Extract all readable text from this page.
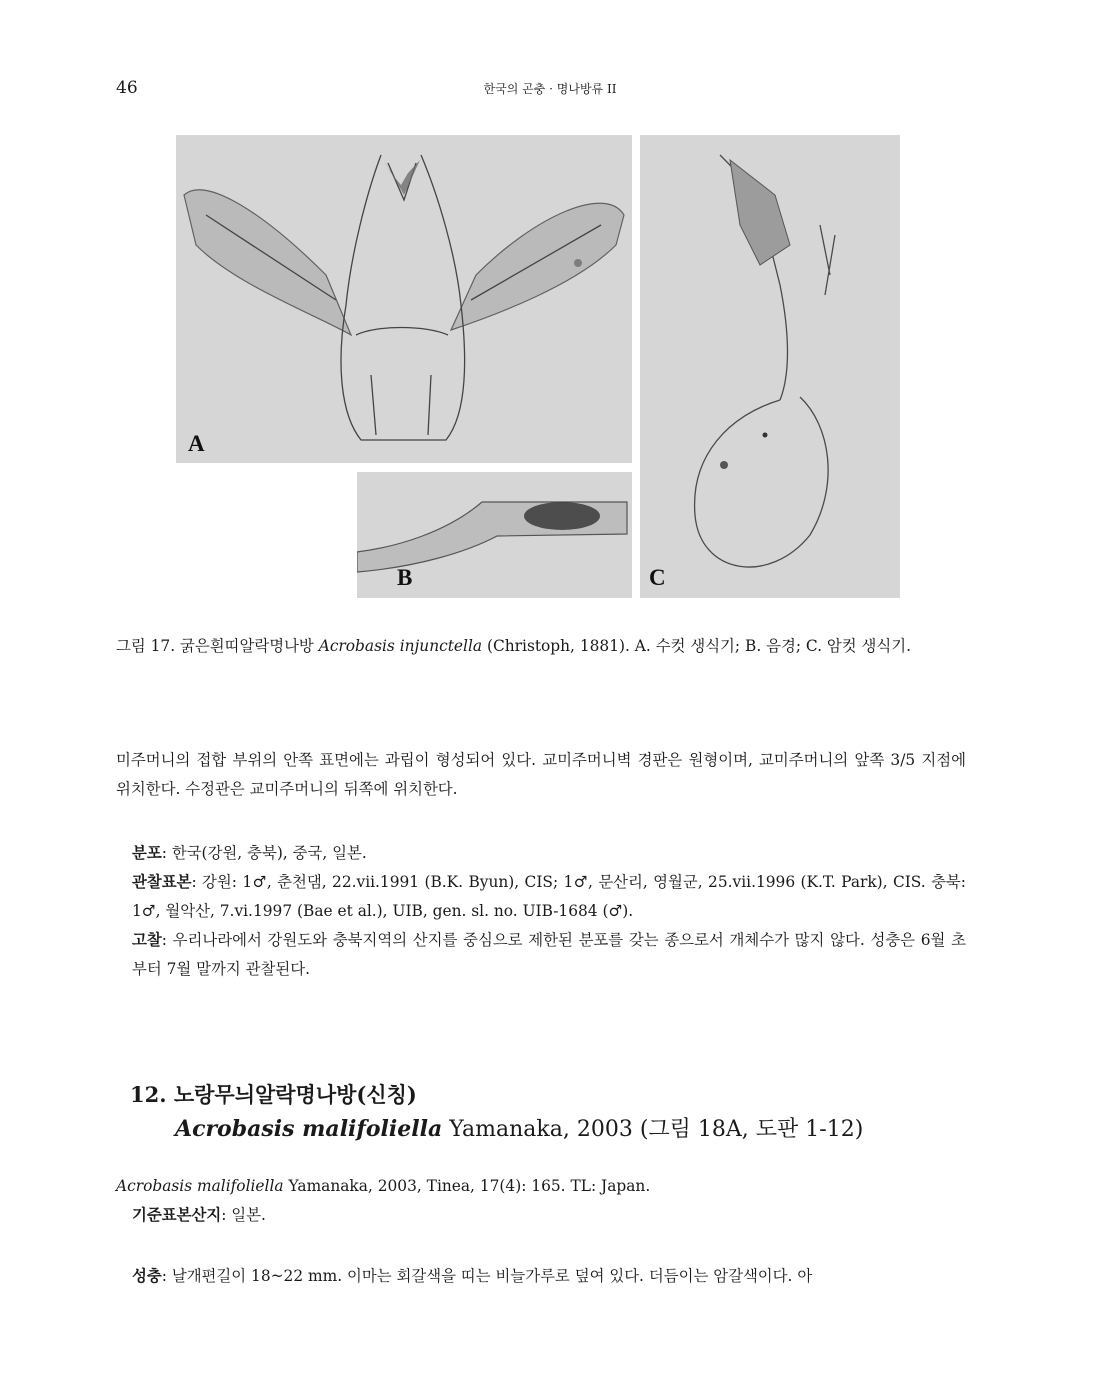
46	한국의 곤충 · 명나방류 II
A
B	C
그림 17. 굵은흰띠알락명나방 Acrobasis injunctella (Christoph, 1881). A. 수컷 생식기; B. 음경; C. 암컷 생식기.
미주머니의 접합 부위의 안쪽 표면에는 과립이 형성되어 있다. 교미주머니벽 경판은 원형이며, 교미주머니의 앞쪽 3/5 지점에 위치한다. 수정관은 교미주머니의 뒤쪽에 위치한다.
분포: 한국(강원, 충북), 중국, 일본.
관찰표본: 강원: 1♂, 춘천댐, 22.vii.1991 (B.K. Byun), CIS; 1♂, 문산리, 영월군, 25.vii.1996 (K.T. Park), CIS. 충북: 1♂, 월악산, 7.vi.1997 (Bae et al.), UIB, gen. sl. no. UIB-1684 (♂).
고찰: 우리나라에서 강원도와 충북지역의 산지를 중심으로 제한된 분포를 갖는 종으로서 개체수가 많지 않다. 성충은 6월 초부터 7월 말까지 관찰된다.
12. 노랑무늬알락명나방(신칭)
Acrobasis malifoliella Yamanaka, 2003 (그림 18A, 도판 1-12)
Acrobasis malifoliella Yamanaka, 2003, Tinea, 17(4): 165. TL: Japan.
기준표본산지: 일본.
성충: 날개편길이 18~22 mm. 이마는 회갈색을 띠는 비늘가루로 덮여 있다. 더듬이는 암갈색이다. 아
